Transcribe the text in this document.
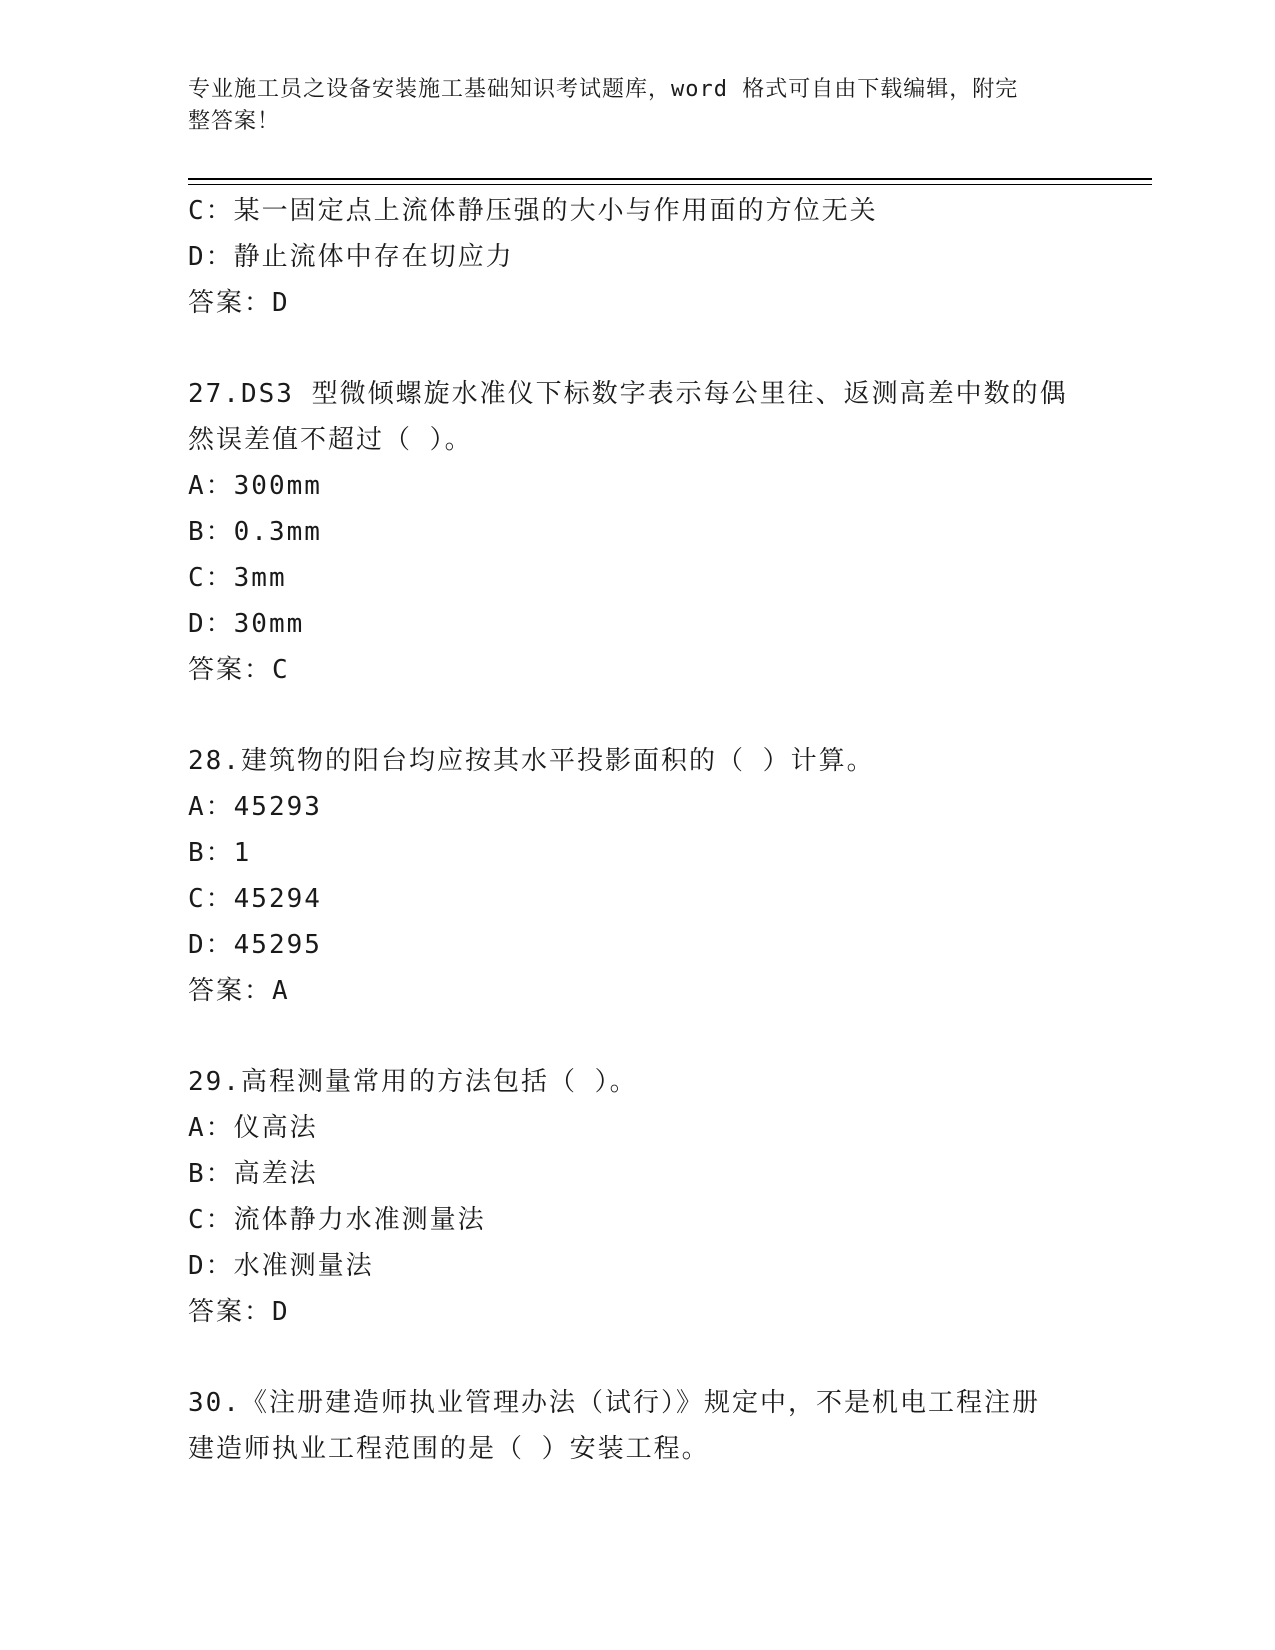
专业施工员之设备安装施工基础知识考试题库，word 格式可自由下载编辑，附完
整答案！
C：某一固定点上流体静压强的大小与作用面的方位无关
D：静止流体中存在切应力
答案：D
27.DS3 型微倾螺旋水准仪下标数字表示每公里往、返测高差中数的偶
然误差值不超过（ ）。
A：300mm
B：0.3mm
C：3mm
D：30mm
答案：C
28.建筑物的阳台均应按其水平投影面积的（ ）计算。
A：45293
B：1
C：45294
D：45295
答案：A
29.高程测量常用的方法包括（ ）。
A：仪高法
B：高差法
C：流体静力水准测量法
D：水准测量法
答案：D
30.《注册建造师执业管理办法（试行）》规定中，不是机电工程注册
建造师执业工程范围的是（ ）安装工程。
